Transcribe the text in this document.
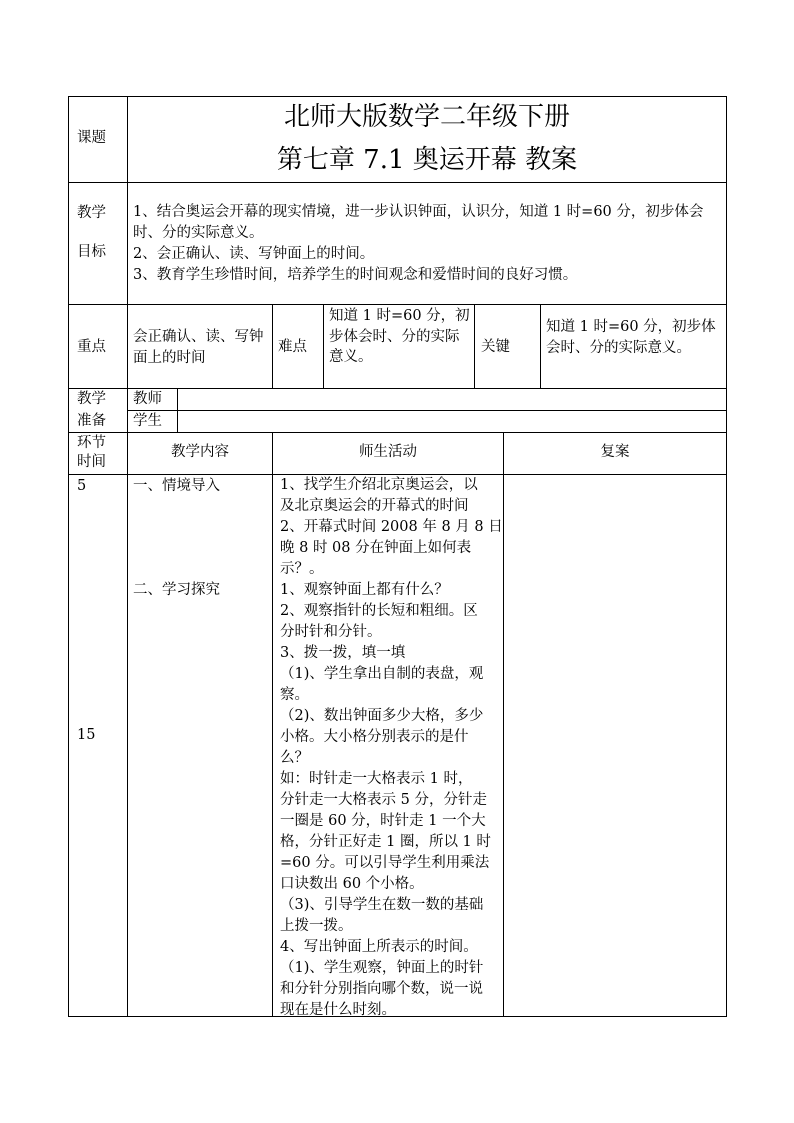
课题
北师大版数学二年级下册
第七章 7.1 奥运开幕 教案
教学
目标
1、结合奥运会开幕的现实情境，进一步认识钟面，认识分，知道 1 时=60 分，初步体会时、分的实际意义。
2、会正确认、读、写钟面上的时间。
3、教育学生珍惜时间，培养学生的时间观念和爱惜时间的良好习惯。
重点
会正确认、读、写钟面上的时间
难点
知道 1 时=60 分，初步体会时、分的实际意义。
关键
知道 1 时=60 分，初步体会时、分的实际意义。
教学
准备
教师
学生
环节
时间
教学内容	师生活动	复案
5
15
一、情境导入
二、学习探究
1、找学生介绍北京奥运会，以
及北京奥运会的开幕式的时间
2、开幕式时间 2008 年 8 月 8 日
晚 8 时 08 分在钟面上如何表
示？。
1、观察钟面上都有什么？
2、观察指针的长短和粗细。区
分时针和分针。
3、拨一拨，填一填
（1)、学生拿出自制的表盘，观
察。
（2)、数出钟面多少大格，多少
小格。大小格分别表示的是什
么？
如：时针走一大格表示 1 时，
分针走一大格表示 5 分，分针走
一圈是 60 分，时针走 1 一个大
格，分针正好走 1 圈，所以 1 时
=60 分。可以引导学生利用乘法
口诀数出 60 个小格。
（3)、引导学生在数一数的基础
上拨一拨。
4、写出钟面上所表示的时间。
（1)、学生观察，钟面上的时针
和分针分别指向哪个数，说一说
现在是什么时刻。
